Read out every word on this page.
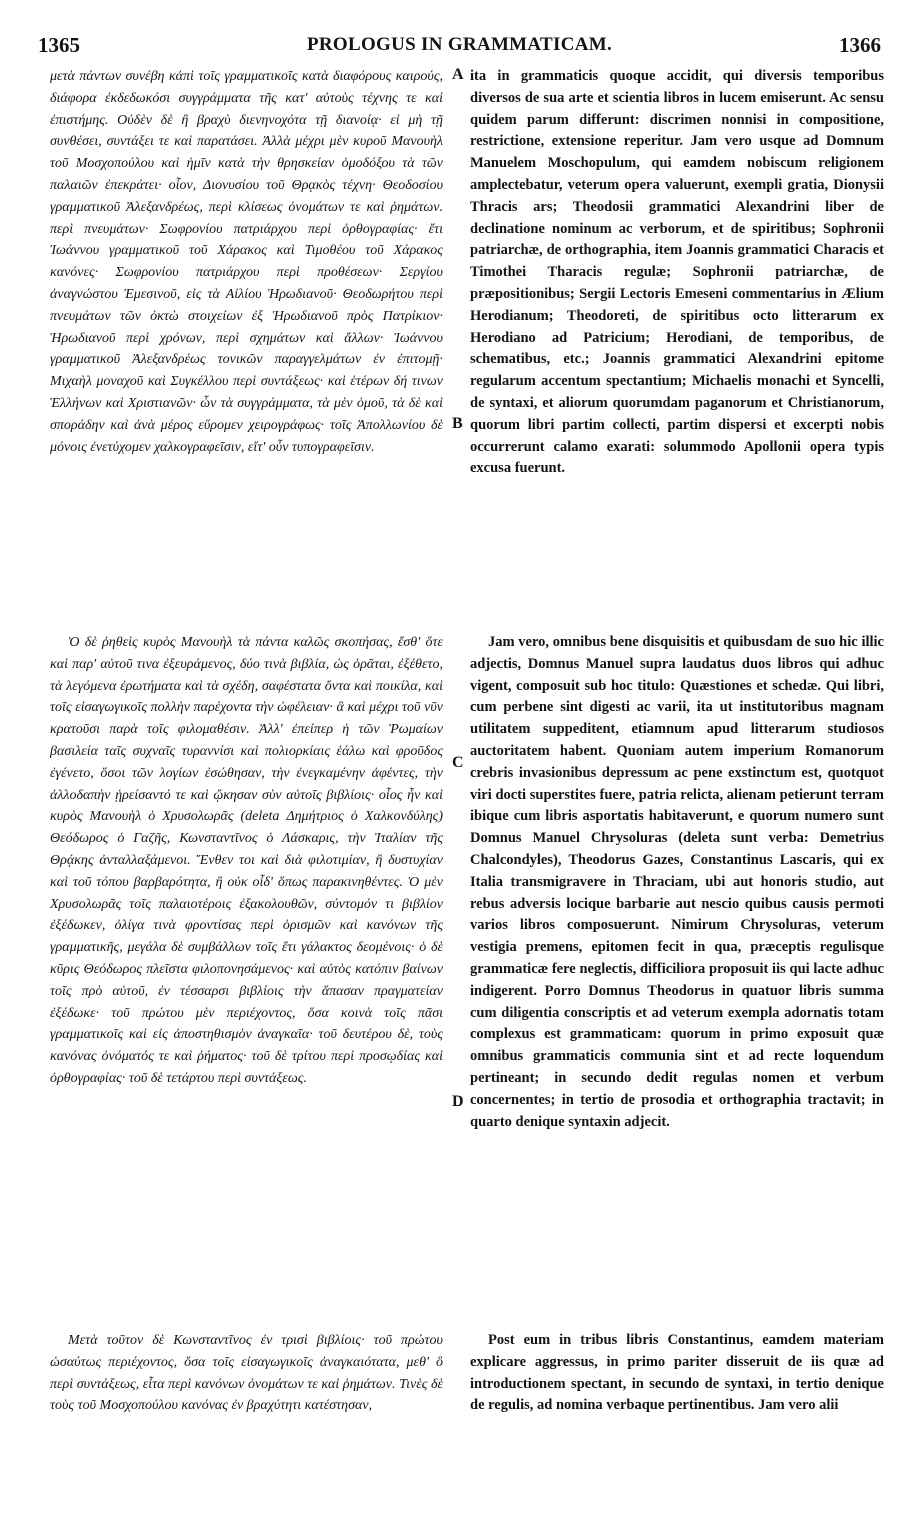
1365	PROLOGUS IN GRAMMATICAM.	1366

μετὰ πάντων συνέβη κἀπὶ τοῖς γραμματικοῖς κατὰ διαφόρους καιρούς, διάφορα ἐκδεδωκόσι συγγράμματα τῆς κατ' αὐτοὺς τέχνης τε καὶ ἐπιστήμης. Οὐδὲν δὲ ἢ βραχὺ διενηνοχότα τῇ διανοίᾳ· εἰ μὴ τῇ συνθέσει, συντάξει τε καὶ παρατάσει. Ἀλλὰ μέχρι μὲν κυροῦ Μανουὴλ τοῦ Μοσχοπούλου καὶ ἡμῖν κατὰ τὴν θρησκείαν ὁμοδόξου τὰ τῶν παλαιῶν ἐπεκράτει· οἷον, Διονυσίου τοῦ Θρᾳκὸς τέχνη· Θεοδοσίου γραμματικοῦ Ἀλεξανδρέως, περὶ κλίσεως ὀνομάτων τε καὶ ῥημάτων. περὶ πνευμάτων· Σωφρονίου πατριάρχου περὶ ὀρθογραφίας· ἔτι Ἰωάννου γραμματικοῦ τοῦ Χάρακος καὶ Τιμοθέου τοῦ Χάρακος κανόνες· Σωφρονίου πατριάρχου περὶ προθέσεων· Σεργίου ἀναγνώστου Ἐμεσινοῦ, εἰς τὰ Αἰλίου Ἡρωδιανοῦ· Θεοδωρήτου περὶ πνευμάτων τῶν ὀκτὼ στοιχείων ἐξ Ἡρωδιανοῦ πρὸς Πατρίκιον· Ἡρωδιανοῦ περὶ χρόνων, περὶ σχημάτων καὶ ἄλλων· Ἰωάννου γραμματικοῦ Ἀλεξανδρέως τονικῶν παραγγελμάτων ἐν ἐπιτομῇ· Μιχαὴλ μοναχοῦ καὶ Συγκέλλου περὶ συντάξεως· καὶ ἑτέρων δή τινων Ἑλλήνων καὶ Χριστιανῶν· ὧν τὰ συγγράμματα, τὰ μὲν ὁμοῦ, τὰ δὲ καὶ σποράδην καὶ ἀνὰ μέρος εὕρομεν χειρογράφως· τοῖς Ἀπολλωνίου δὲ μόνοις ἐνετύχομεν χαλκογραφεῖσιν, εἴτ' οὖν τυπογραφεῖσιν.

Ὁ δὲ ῥηθεὶς κυρὸς Μανουὴλ τὰ πάντα καλῶς σκοπήσας, ἔσθ' ὅτε καὶ παρ' αὐτοῦ τινα ἐξευράμενος, δύο τινὰ βιβλία, ὡς ὁρᾶται, ἐξέθετο, τὰ λεγόμενα ἐρωτήματα καὶ τὰ σχέδη, σαφέστατα ὄντα καὶ ποικίλα, καὶ τοῖς εἰσαγωγικοῖς πολλὴν παρέχοντα τὴν ὠφέλειαν· ἃ καὶ μέχρι τοῦ νῦν κρατοῦσι παρὰ τοῖς φιλομαθέσιν. Ἀλλ' ἐπείπερ ἡ τῶν Ῥωμαίων βασιλεία ταῖς συχναῖς τυραννίσι καὶ πολιορκίαις ἑάλω καὶ φροῦδος ἐγένετο, ὅσοι τῶν λογίων ἐσώθησαν, τὴν ἐνεγκαμένην ἀφέντες, τὴν ἀλλοδαπὴν ᾑρείσαντό τε καὶ ᾤκησαν σὺν αὐτοῖς βιβλίοις· οἷος ἦν καὶ κυρὸς Μανουὴλ ὁ Χρυσολωρᾶς (deleta Δημήτριος ὁ Χαλκονδύλης) Θεόδωρος ὁ Γαζῆς, Κωνσταντῖνος ὁ Λάσκαρις, τὴν Ἰταλίαν τῆς Θρᾴκης ἀνταλλαξάμενοι. Ἔνθεν τοι καὶ διὰ φιλοτιμίαν, ἢ δυστυχίαν καὶ τοῦ τόπου βαρβαρότητα, ἢ οὐκ οἶδ' ὅπως παρακινηθέντες. Ὁ μὲν Χρυσολωρᾶς τοῖς παλαιοτέροις ἐξακολουθῶν, σύντομόν τι βιβλίον ἐξέδωκεν, ὀλίγα τινὰ φροντίσας περὶ ὁρισμῶν καὶ κανόνων τῆς γραμματικῆς, μεγάλα δὲ συμβάλλων τοῖς ἔτι γάλακτος δεομένοις· ὁ δὲ κῦρις Θεόδωρος πλεῖστα φιλοπονησάμενος· καὶ αὐτὸς κατόπιν βαίνων τοῖς πρὸ αὐτοῦ, ἐν τέσσαρσι βιβλίοις τὴν ἅπασαν πραγματείαν ἐξέδωκε· τοῦ πρώτου μὲν περιέχοντος, ὅσα κοινὰ τοῖς πᾶσι γραμματικοῖς καὶ εἰς ἀποστηθισμὸν ἀναγκαῖα· τοῦ δευτέρου δὲ, τοὺς κανόνας ὀνόματός τε καὶ ῥήματος· τοῦ δὲ τρίτου περὶ προσῳδίας καὶ ὀρθογραφίας· τοῦ δὲ τετάρτου περὶ συντάξεως.

Μετὰ τοῦτον δὲ Κωνσταντῖνος ἐν τρισὶ βιβλίοις· τοῦ πρώτου ὡσαύτως περιέχοντος, ὅσα τοῖς εἰσαγωγικοῖς ἀναγκαιότατα, μεθ' ὃ περὶ συντάξεως, εἶτα περὶ κανόνων ὀνομάτων τε καὶ ῥημάτων. Τινὲς δὲ τοὺς τοῦ Μοσχοπούλου κανόνας ἐν βραχύτητι κατέστησαν,

A
B
C
D

ita in grammaticis quoque accidit, qui diversis temporibus diversos de sua arte et scientia libros in lucem emiserunt. Ac sensu quidem parum differunt: discrimen nonnisi in compositione, restrictione, extensione reperitur. Jam vero usque ad Domnum Manuelem Moschopulum, qui eamdem nobiscum religionem amplectebatur, veterum opera valuerunt, exempli gratia, Dionysii Thracis ars; Theodosii grammatici Alexandrini liber de declinatione nominum ac verborum, et de spiritibus; Sophronii patriarchæ, de orthographia, item Joannis grammatici Characis et Timothei Tharacis regulæ; Sophronii patriarchæ, de præpositionibus; Sergii Lectoris Emeseni commentarius in Ælium Herodianum; Theodoreti, de spiritibus octo litterarum ex Herodiano ad Patricium; Herodiani, de temporibus, de schematibus, etc.; Joannis grammatici Alexandrini epitome regularum accentum spectantium; Michaelis monachi et Syncelli, de syntaxi, et aliorum quorumdam paganorum et Christianorum, quorum libri partim collecti, partim dispersi et excerpti nobis occurrerunt calamo exarati: solummodo Apollonii opera typis excusa fuerunt.

Jam vero, omnibus bene disquisitis et quibusdam de suo hic illic adjectis, Domnus Manuel supra laudatus duos libros qui adhuc vigent, composuit sub hoc titulo: Quæstiones et schedæ. Qui libri, cum perbene sint digesti ac varii, ita ut institutoribus magnam utilitatem suppeditent, etiamnum apud litterarum studiosos auctoritatem habent. Quoniam autem imperium Romanorum crebris invasionibus depressum ac pene exstinctum est, quotquot viri docti superstites fuere, patria relicta, alienam petierunt terram ibique cum libris asportatis habitaverunt, e quorum numero sunt Domnus Manuel Chrysoluras (deleta sunt verba: Demetrius Chalcondyles), Theodorus Gazes, Constantinus Lascaris, qui ex Italia transmigravere in Thraciam, ubi aut honoris studio, aut rebus adversis locique barbarie aut nescio quibus causis permoti varios libros composuerunt. Nimirum Chrysoluras, veterum vestigia premens, epitomen fecit in qua, præceptis regulisque grammaticæ fere neglectis, difficiliora proposuit iis qui lacte adhuc indigerent. Porro Domnus Theodorus in quatuor libris summa cum diligentia conscriptis et ad veterum exempla adornatis totam complexus est grammaticam: quorum in primo exposuit quæ omnibus grammaticis communia sint et ad recte loquendum pertineant; in secundo dedit regulas nomen et verbum concernentes; in tertio de prosodia et orthographia tractavit; in quarto denique syntaxin adjecit.

Post eum in tribus libris Constantinus, eamdem materiam explicare aggressus, in primo pariter disseruit de iis quæ ad introductionem spectant, in secundo de syntaxi, in tertio denique de regulis, ad nomina verbaque pertinentibus. Jam vero alii
